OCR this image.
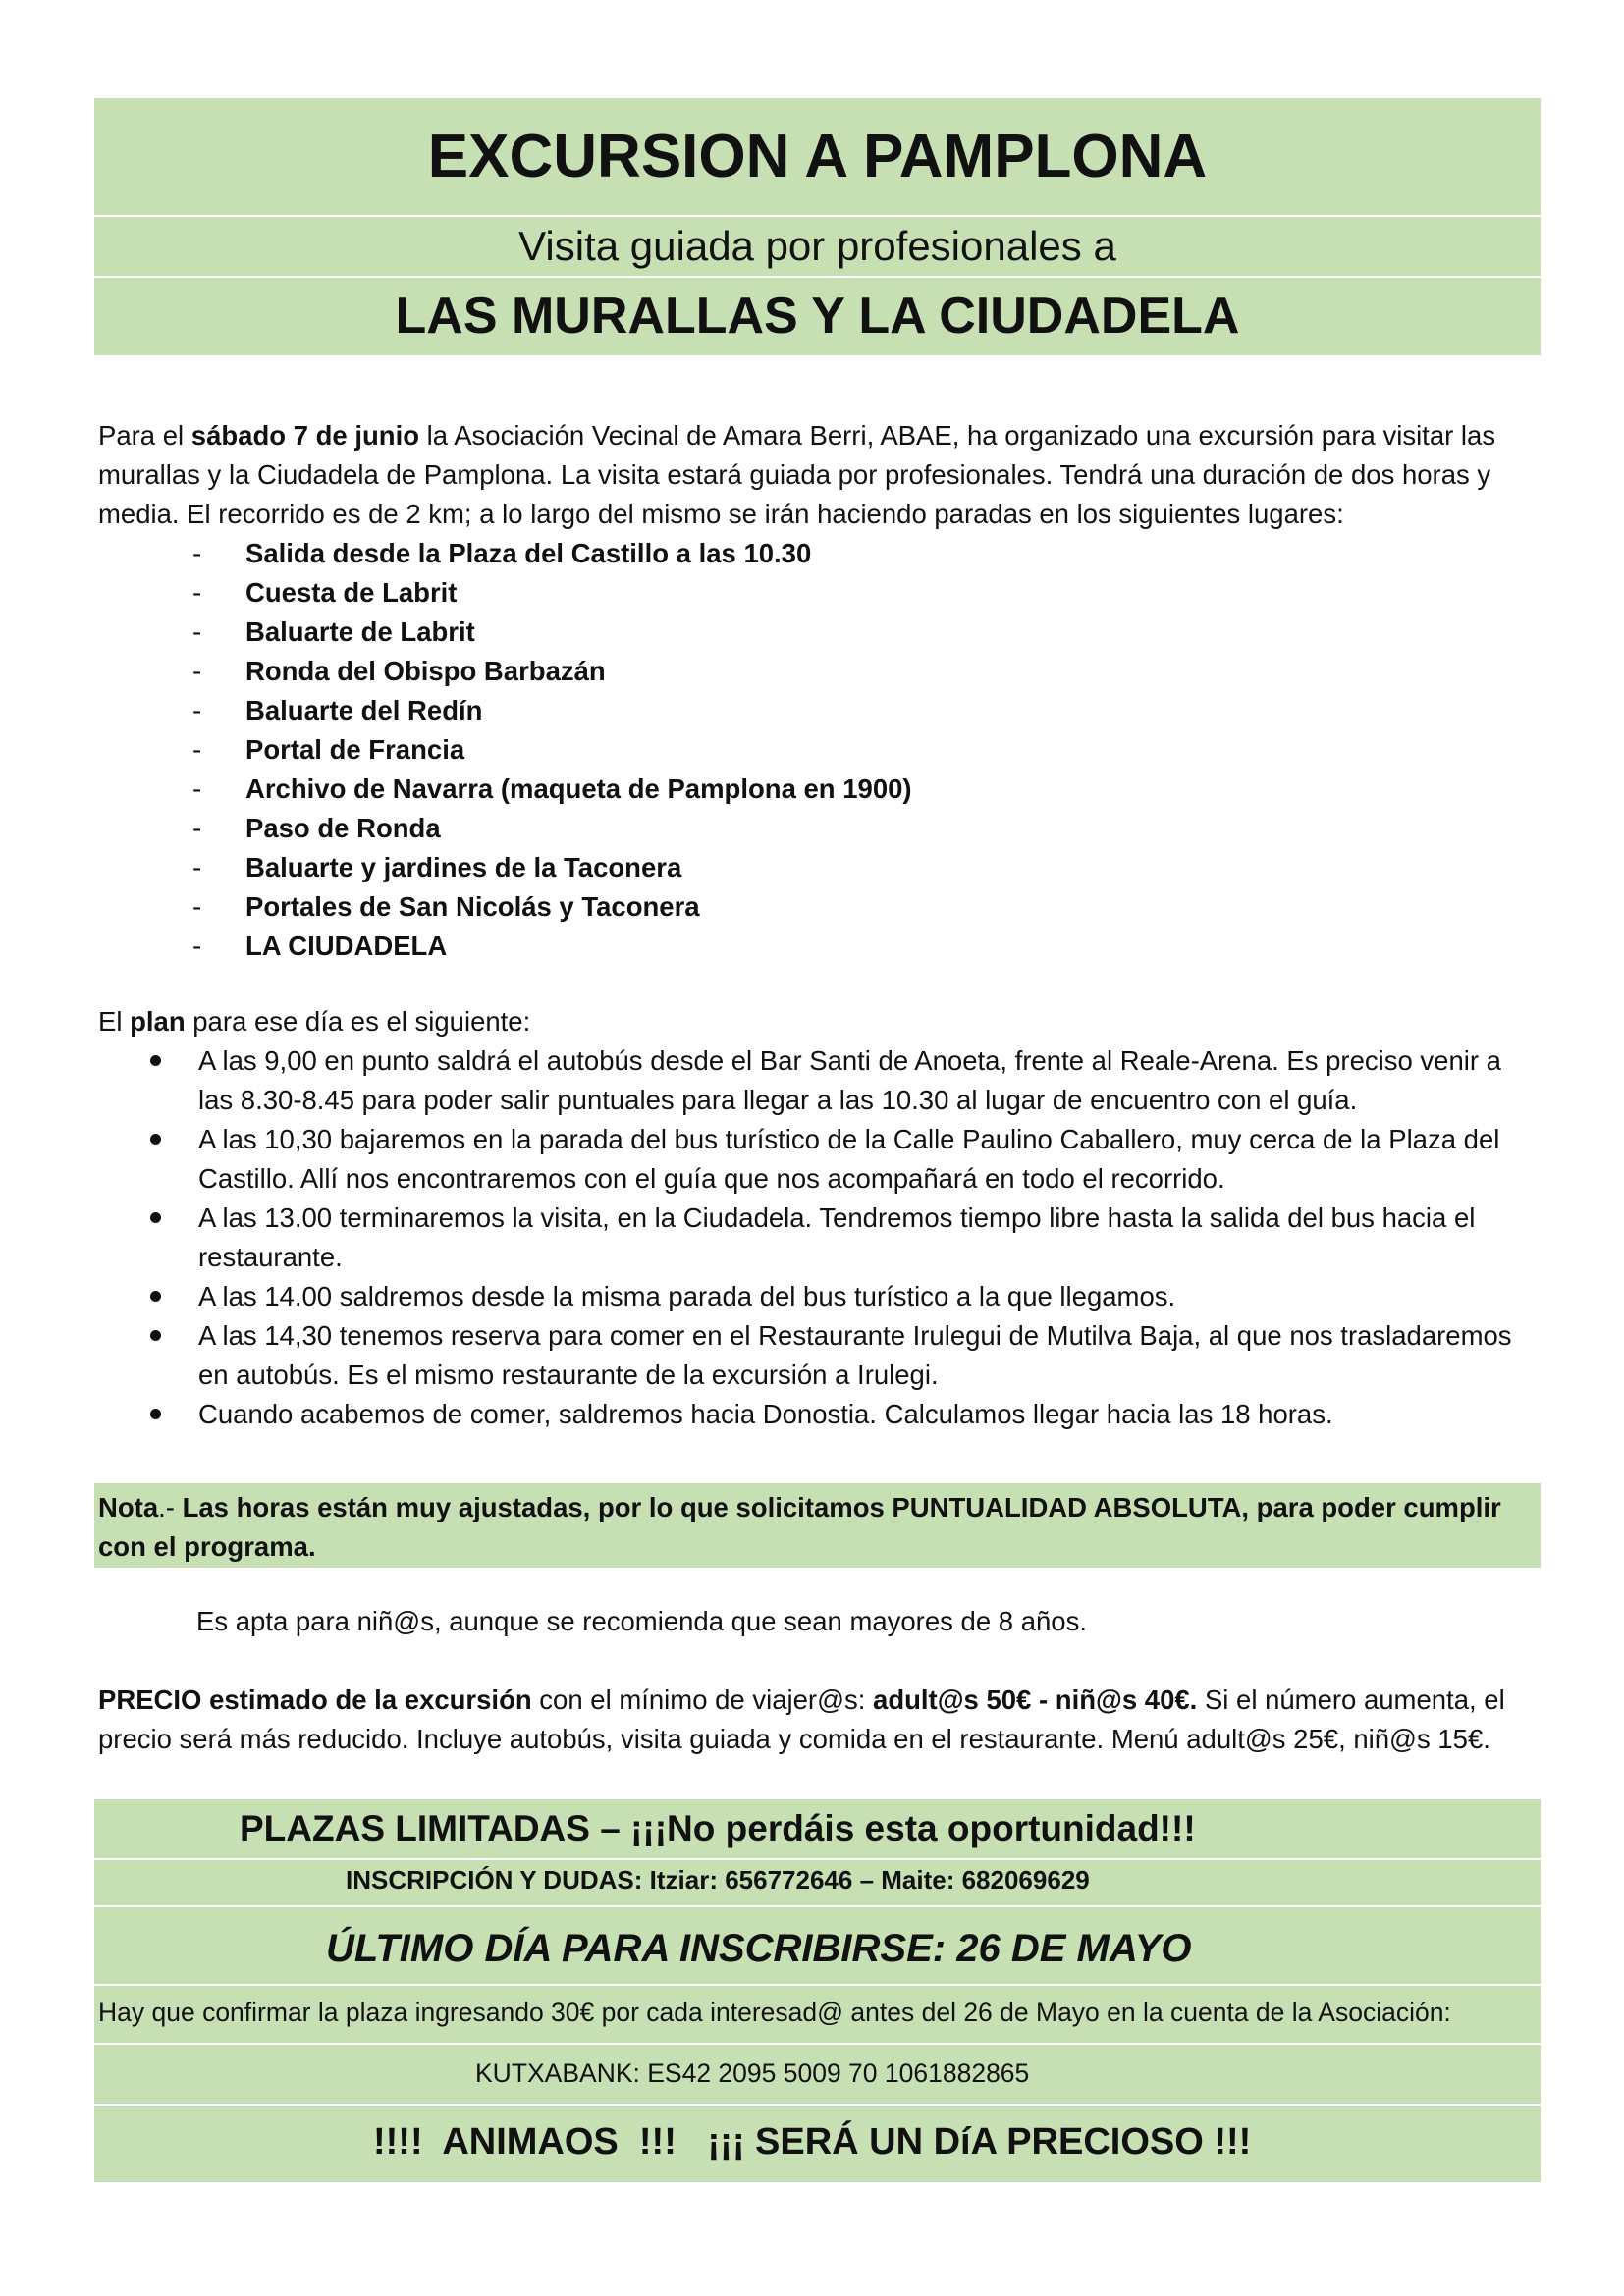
EXCURSION A PAMPLONA
Visita guiada por profesionales a
LAS MURALLAS Y LA CIUDADELA
Para el sábado 7 de junio la Asociación Vecinal de Amara Berri, ABAE, ha organizado una excursión para visitar las murallas y la Ciudadela de Pamplona. La visita estará guiada por profesionales. Tendrá una duración de dos horas y media. El recorrido es de 2 km; a lo largo del mismo se irán haciendo paradas en los siguientes lugares:
- Salida desde la Plaza del Castillo a las 10.30
- Cuesta de Labrit
- Baluarte de Labrit
- Ronda del Obispo Barbazán
- Baluarte del Redín
- Portal de Francia
- Archivo de Navarra (maqueta de Pamplona en 1900)
- Paso de Ronda
- Baluarte y jardines de la Taconera
- Portales de San Nicolás y Taconera
- LA CIUDADELA
El plan para ese día es el siguiente:
A las 9,00 en punto saldrá el autobús desde el Bar Santi de Anoeta, frente al Reale-Arena. Es preciso venir a las 8.30-8.45 para poder salir puntuales para llegar a las 10.30 al lugar de encuentro con el guía.
A las 10,30 bajaremos en la parada del bus turístico de la Calle Paulino Caballero, muy cerca de la Plaza del Castillo. Allí nos encontraremos con el guía que nos acompañará en todo el recorrido.
A las 13.00 terminaremos la visita, en la Ciudadela. Tendremos tiempo libre hasta la salida del bus hacia el restaurante.
A las 14.00 saldremos desde la misma parada del bus turístico a la que llegamos.
A las 14,30 tenemos reserva para comer en el Restaurante Irulegui de Mutilva Baja, al que nos trasladaremos en autobús. Es el mismo restaurante de la excursión a Irulegi.
Cuando acabemos de comer, saldremos hacia Donostia. Calculamos llegar hacia las 18 horas.
Nota.- Las horas están muy ajustadas, por lo que solicitamos PUNTUALIDAD ABSOLUTA, para poder cumplir con el programa.
Es apta para niñ@s, aunque se recomienda que sean mayores de 8 años.
PRECIO estimado de la excursión con el mínimo de viajer@s: adult@s 50€ - niñ@s 40€. Si el número aumenta, el precio será más reducido. Incluye autobús, visita guiada y comida en el restaurante. Menú adult@s 25€, niñ@s 15€.
PLAZAS LIMITADAS – ¡¡¡No perdáis esta oportunidad!!!
INSCRIPCIÓN Y DUDAS: Itziar: 656772646 – Maite: 682069629
ÚLTIMO DÍA PARA INSCRIBIRSE: 26 DE MAYO
Hay que confirmar la plaza ingresando 30€ por cada interesad@ antes del 26 de Mayo en la cuenta de la Asociación:
KUTXABANK: ES42 2095 5009 70 1061882865
!!!!  ANIMAOS  !!!   ¡¡¡ SERÁ UN DíA PRECIOSO !!!
